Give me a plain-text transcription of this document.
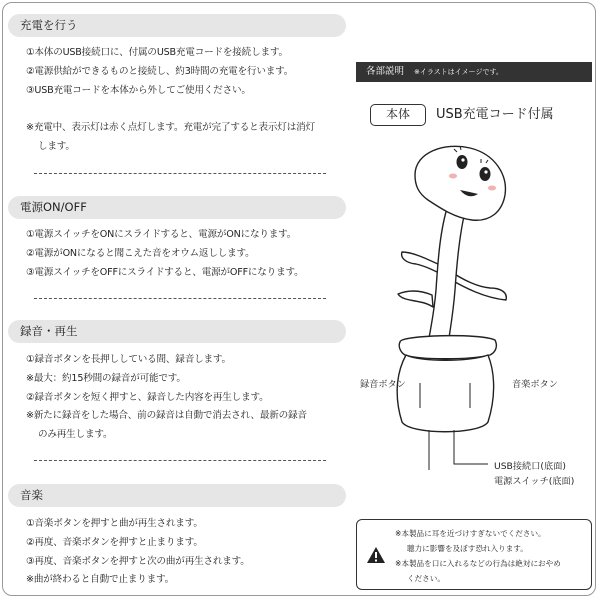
充電を行う
①本体のUSB接続口に、付属のUSB充電コードを接続します。
②電源供給ができるものと接続し、約3時間の充電を行います。
③USB充電コードを本体から外してご使用ください。
※充電中、表示灯は赤く点灯します。充電が完了すると表示灯は消灯
します。
電源ON/OFF
①電源スイッチをONにスライドすると、電源がONになります。
②電源がONになると聞こえた音をオウム返しします。
③電源スイッチをOFFにスライドすると、電源がOFFになります。
録音・再生
①録音ボタンを長押ししている間、録音します。
※最大：約15秒間の録音が可能です。
②録音ボタンを短く押すと、録音した内容を再生します。
※新たに録音をした場合、前の録音は自動で消去され、最新の録音
のみ再生します。
音楽
①音楽ボタンを押すと曲が再生されます。
②再度、音楽ボタンを押すと止まります。
③再度、音楽ボタンを押すと次の曲が再生されます。
※曲が終わると自動で止まります。
各部説明 ※イラストはイメージです。
本体	USB充電コード付属
録音ボタン	音楽ボタン
USB接続口(底面)
電源スイッチ(底面)
※本製品に耳を近づけすぎないでください。
聴力に影響を及ぼす恐れ入ります。
※本製品を口に入れるなどの行為は絶対におやめ
ください。
